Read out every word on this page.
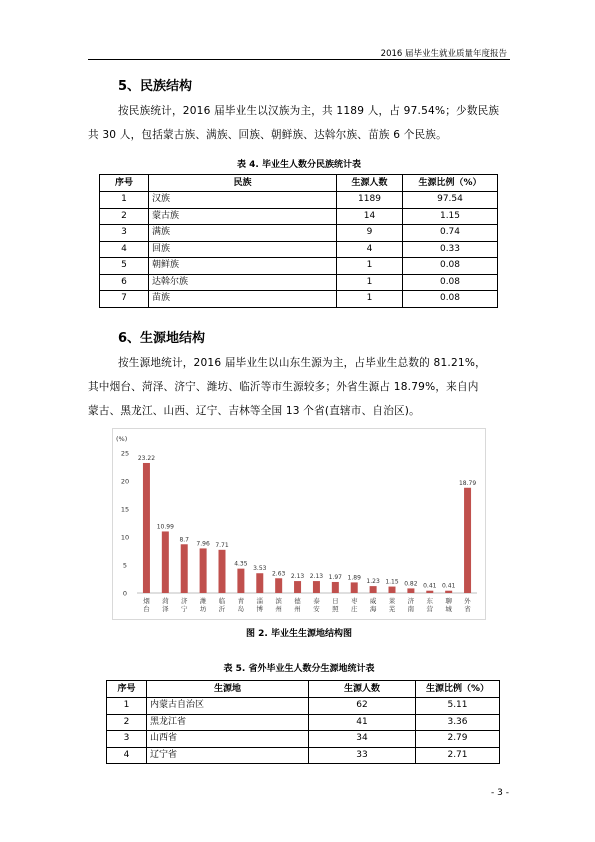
2016 届毕业生就业质量年度报告
5、民族结构
按民族统计，2016 届毕业生以汉族为主，共 1189 人，占 97.54%；少数民族
共 30 人，包括蒙古族、满族、回族、朝鲜族、达斡尔族、苗族 6 个民族。
表 4. 毕业生人数分民族统计表
序号	民族	生源人数	生源比例（%）
1	汉族	1189	97.54
2	蒙古族	14	1.15
3	满族	9	0.74
4	回族	4	0.33
5	朝鲜族	1	0.08
6	达斡尔族	1	0.08
7	苗族	1	0.08
6、生源地结构
按生源地统计，2016 届毕业生以山东生源为主，占毕业生总数的 81.21%，
其中烟台、菏泽、济宁、潍坊、临沂等市生源较多；外省生源占 18.79%，来自内
蒙古、黑龙江、山西、辽宁、吉林等全国 13 个省(直辖市、自治区)。
(%)
0
5
10
15
20
25
23.22
烟
台
10.99
菏
泽
8.7
济
宁
7.96
潍
坊
7.71
临
沂
4.35
青
岛
3.53
淄
博
2.63
滨
州
2.13
德
州
2.13
泰
安
1.97
日
照
1.89
枣
庄
1.23
威
海
1.15
莱
芜
0.82
济
南
0.41
东
营
0.41
聊
城
18.79
外
省
图 2. 毕业生生源地结构图
表 5. 省外毕业生人数分生源地统计表
序号	生源地	生源人数	生源比例（%）
1	内蒙古自治区	62	5.11
2	黑龙江省	41	3.36
3	山西省	34	2.79
4	辽宁省	33	2.71
- 3 -
